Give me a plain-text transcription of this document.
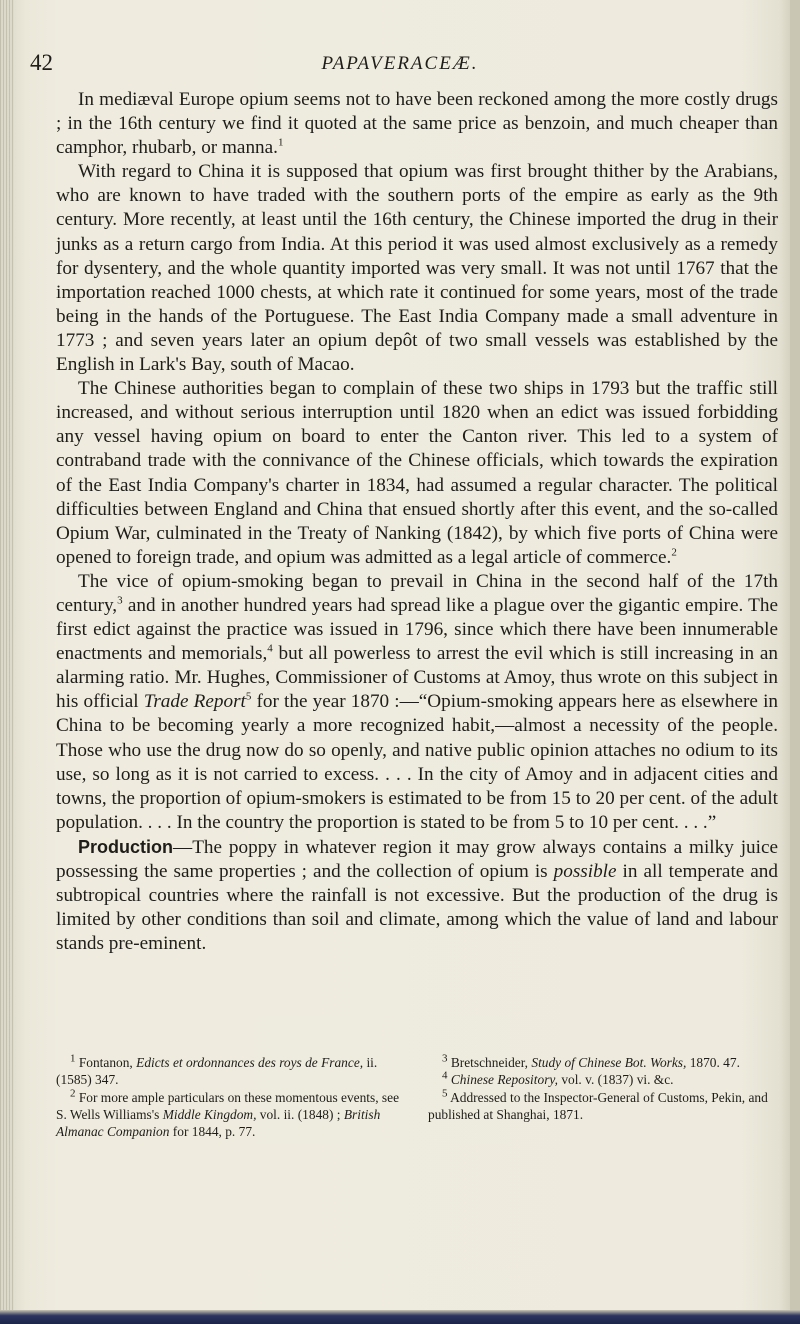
42	PAPAVERACEÆ.

In mediæval Europe opium seems not to have been reckoned among the more costly drugs ; in the 16th century we find it quoted at the same price as benzoin, and much cheaper than camphor, rhubarb, or manna.$^1$

With regard to China it is supposed that opium was first brought thither by the Arabians, who are known to have traded with the southern ports of the empire as early as the 9th century. More recently, at least until the 16th century, the Chinese imported the drug in their junks as a return cargo from India. At this period it was used almost exclusively as a remedy for dysentery, and the whole quantity imported was very small. It was not until 1767 that the importation reached 1000 chests, at which rate it continued for some years, most of the trade being in the hands of the Portuguese. The East India Company made a small adventure in 1773 ; and seven years later an opium depôt of two small vessels was established by the English in Lark's Bay, south of Macao.

The Chinese authorities began to complain of these two ships in 1793 but the traffic still increased, and without serious interruption until 1820 when an edict was issued forbidding any vessel having opium on board to enter the Canton river. This led to a system of contraband trade with the connivance of the Chinese officials, which towards the expiration of the East India Company's charter in 1834, had assumed a regular character. The political difficulties between England and China that ensued shortly after this event, and the so-called Opium War, culminated in the Treaty of Nanking (1842), by which five ports of China were opened to foreign trade, and opium was admitted as a legal article of commerce.$^2$

The vice of opium-smoking began to prevail in China in the second half of the 17th century,$^3$ and in another hundred years had spread like a plague over the gigantic empire. The first edict against the practice was issued in 1796, since which there have been innumerable enactments and memorials,$^4$ but all powerless to arrest the evil which is still increasing in an alarming ratio. Mr. Hughes, Commissioner of Customs at Amoy, thus wrote on this subject in his official Trade Report$^5$ for the year 1870 :—“Opium-smoking appears here as elsewhere in China to be becoming yearly a more recognized habit,—almost a necessity of the people. Those who use the drug now do so openly, and native public opinion attaches no odium to its use, so long as it is not carried to excess. . . . In the city of Amoy and in adjacent cities and towns, the proportion of opium-smokers is estimated to be from 15 to 20 per cent. of the adult population. . . . In the country the proportion is stated to be from 5 to 10 per cent. . . .”

Production—The poppy in whatever region it may grow always contains a milky juice possessing the same properties ; and the collection of opium is possible in all temperate and subtropical countries where the rainfall is not excessive. But the production of the drug is limited by other conditions than soil and climate, among which the value of land and labour stands pre-eminent.

$^1$ Fontanon, Edicts et ordonnances des roys de France, ii. (1585) 347.

$^2$ For more ample particulars on these momentous events, see S. Wells Williams's Middle Kingdom, vol. ii. (1848) ; British Almanac Companion for 1844, p. 77.

$^3$ Bretschneider, Study of Chinese Bot. Works, 1870. 47.

$^4$ Chinese Repository, vol. v. (1837) vi. &c.

$^5$ Addressed to the Inspector-General of Customs, Pekin, and published at Shanghai, 1871.
